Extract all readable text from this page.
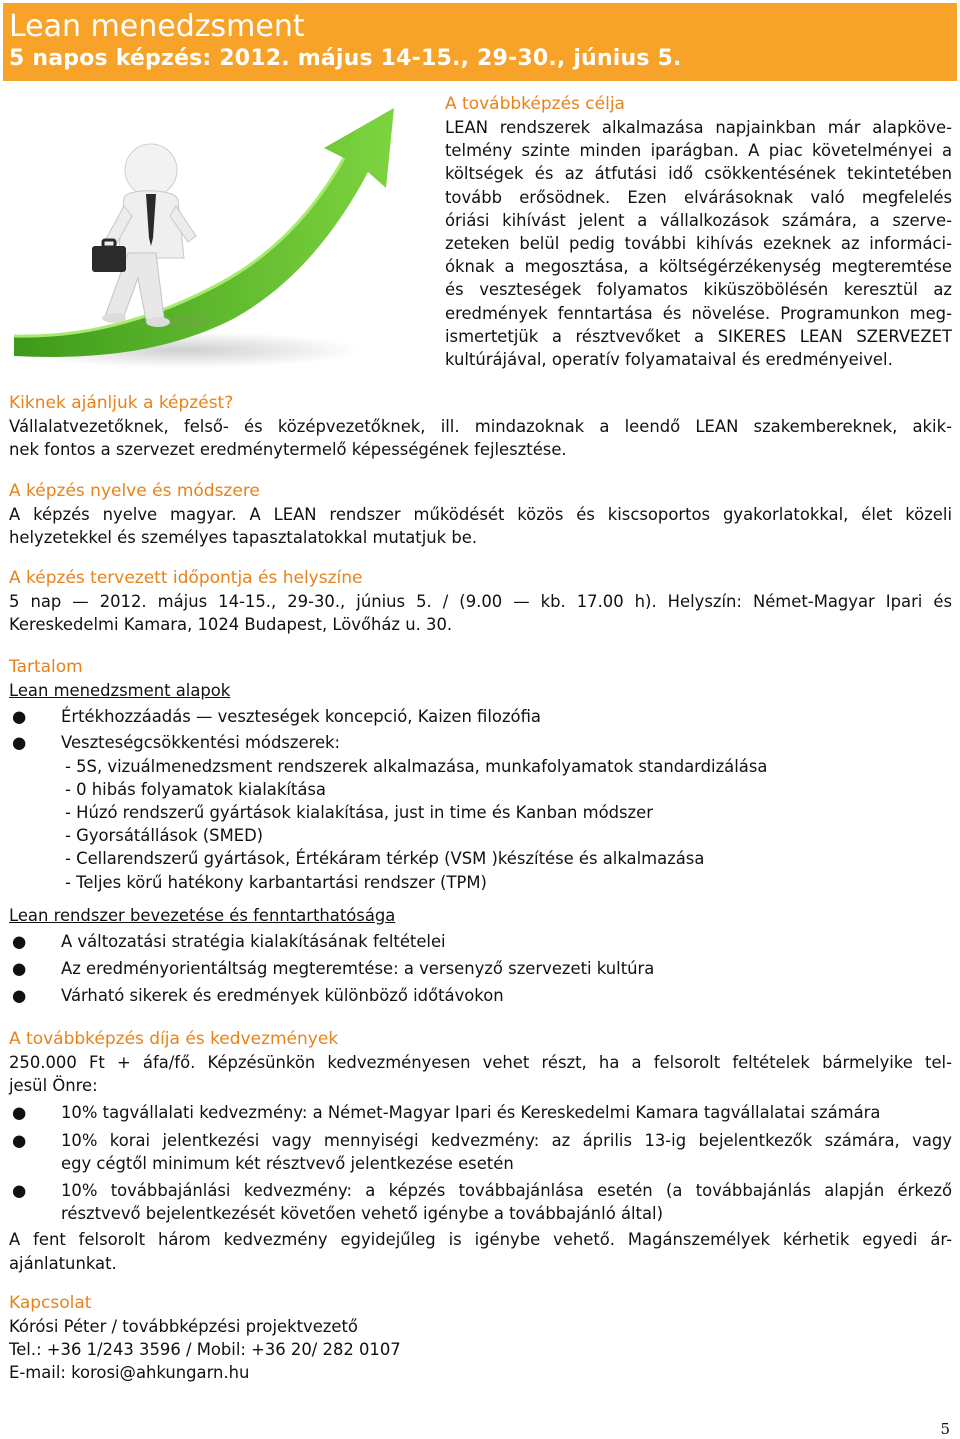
Lean menedzsment
5 napos képzés: 2012. május 14-15., 29-30., június 5.
A továbbképzés célja

LEAN rendszerek alkalmazása napjainkban már alapköve-
telmény szinte minden iparágban. A piac követelményei a
költségek és az átfutási idő csökkentésének tekintetében
tovább erősödnek. Ezen elvárásoknak való megfelelés
óriási kihívást jelent a vállalkozások számára, a szerve-
zeteken belül pedig további kihívás ezeknek az informáci-
óknak a megosztása, a költségérzékenység megteremtése
és veszteségek folyamatos kiküszöbölésén keresztül az
eredmények fenntartása és növelése. Programunkon meg-
ismertetjük a résztvevőket a SIKERES LEAN SZERVEZET
kultúrájával, operatív folyamataival és eredményeivel.

Kiknek ajánljuk a képzést?

Vállalatvezetőknek, felső- és középvezetőknek, ill. mindazoknak a leendő LEAN szakembereknek, akik-
nek fontos a szervezet eredménytermelő képességének fejlesztése.

A képzés nyelve és módszere

A képzés nyelve magyar. A LEAN rendszer működését közös és kiscsoportos gyakorlatokkal, élet közeli
helyzetekkel és személyes tapasztalatokkal mutatjuk be.

A képzés tervezett időpontja és helyszíne

5 nap — 2012. május 14-15., 29-30., június 5. / (9.00 — kb. 17.00 h). Helyszín: Német-Magyar Ipari és
Kereskedelmi Kamara, 1024 Budapest, Lövőház u. 30.

Tartalom
Lean menedzsment alapok
● Értékhozzáadás — veszteségek koncepció, Kaizen filozófia
● Veszteségcsökkentési módszerek:
- 5S, vizuálmenedzsment rendszerek alkalmazása, munkafolyamatok standardizálása
- 0 hibás folyamatok kialakítása
- Húzó rendszerű gyártások kialakítása, just in time és Kanban módszer
- Gyorsátállások (SMED)
- Cellarendszerű gyártások, Értékáram térkép (VSM )készítése és alkalmazása
- Teljes körű hatékony karbantartási rendszer (TPM)
Lean rendszer bevezetése és fenntarthatósága
● A változatási stratégia kialakításának feltételei
● Az eredményorientáltság megteremtése: a versenyző szervezeti kultúra
● Várható sikerek és eredmények különböző időtávokon
A továbbképzés díja és kedvezmények

250.000 Ft + áfa/fő. Képzésünkön kedvezményesen vehet részt, ha a felsorolt feltételek bármelyike tel-
jesül Önre:

● 10% tagvállalati kedvezmény: a Német-Magyar Ipari és Kereskedelmi Kamara tagvállalatai számára
● 10% korai jelentkezési vagy mennyiségi kedvezmény: az április 13-ig bejelentkezők számára, vagy
egy cégtől minimum két résztvevő jelentkezése esetén
● 10% továbbajánlási kedvezmény: a képzés továbbajánlása esetén (a továbbajánlás alapján érkező
résztvevő bejelentkezését követően vehető igénybe a továbbajánló által)

A fent felsorolt három kedvezmény egyidejűleg is igénybe vehető. Magánszemélyek kérhetik egyedi ár-
ajánlatunkat.

Kapcsolat
Kórósi Péter / továbbképzési projektvezető
Tel.: +36 1/243 3596 / Mobil: +36 20/ 282 0107
E-mail: korosi@ahkungarn.hu
5
